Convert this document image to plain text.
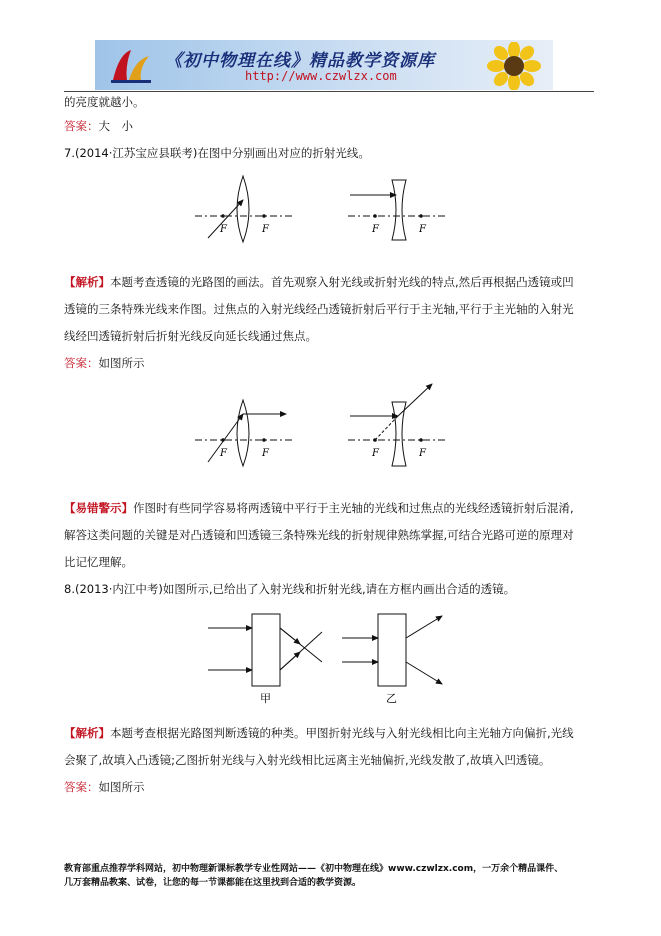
《初中物理在线》精品教学资源库
http://www.czwlzx.com
的亮度就越小。
答案：大　小
7.(2014·江苏宝应县联考)在图中分别画出对应的折射光线。
F	F	F	F
【解析】本题考查透镜的光路图的画法。首先观察入射光线或折射光线的特点,然后再根据凸透镜或凹
透镜的三条特殊光线来作图。过焦点的入射光线经凸透镜折射后平行于主光轴,平行于主光轴的入射光
线经凹透镜折射后折射光线反向延长线通过焦点。
答案：如图所示
F	F	F	F
【易错警示】作图时有些同学容易将两透镜中平行于主光轴的光线和过焦点的光线经透镜折射后混淆,
解答这类问题的关键是对凸透镜和凹透镜三条特殊光线的折射规律熟练掌握,可结合光路可逆的原理对
比记忆理解。
8.(2013·内江中考)如图所示,已给出了入射光线和折射光线,请在方框内画出合适的透镜。
甲	乙
【解析】本题考查根据光路图判断透镜的种类。甲图折射光线与入射光线相比向主光轴方向偏折,光线
会聚了,故填入凸透镜;乙图折射光线与入射光线相比远离主光轴偏折,光线发散了,故填入凹透镜。
答案：如图所示
教育部重点推荐学科网站，初中物理新课标教学专业性网站——《初中物理在线》www.czwlzx.com，一万余个精品课件、
几万套精品教案、试卷，让您的每一节课都能在这里找到合适的教学资源。
